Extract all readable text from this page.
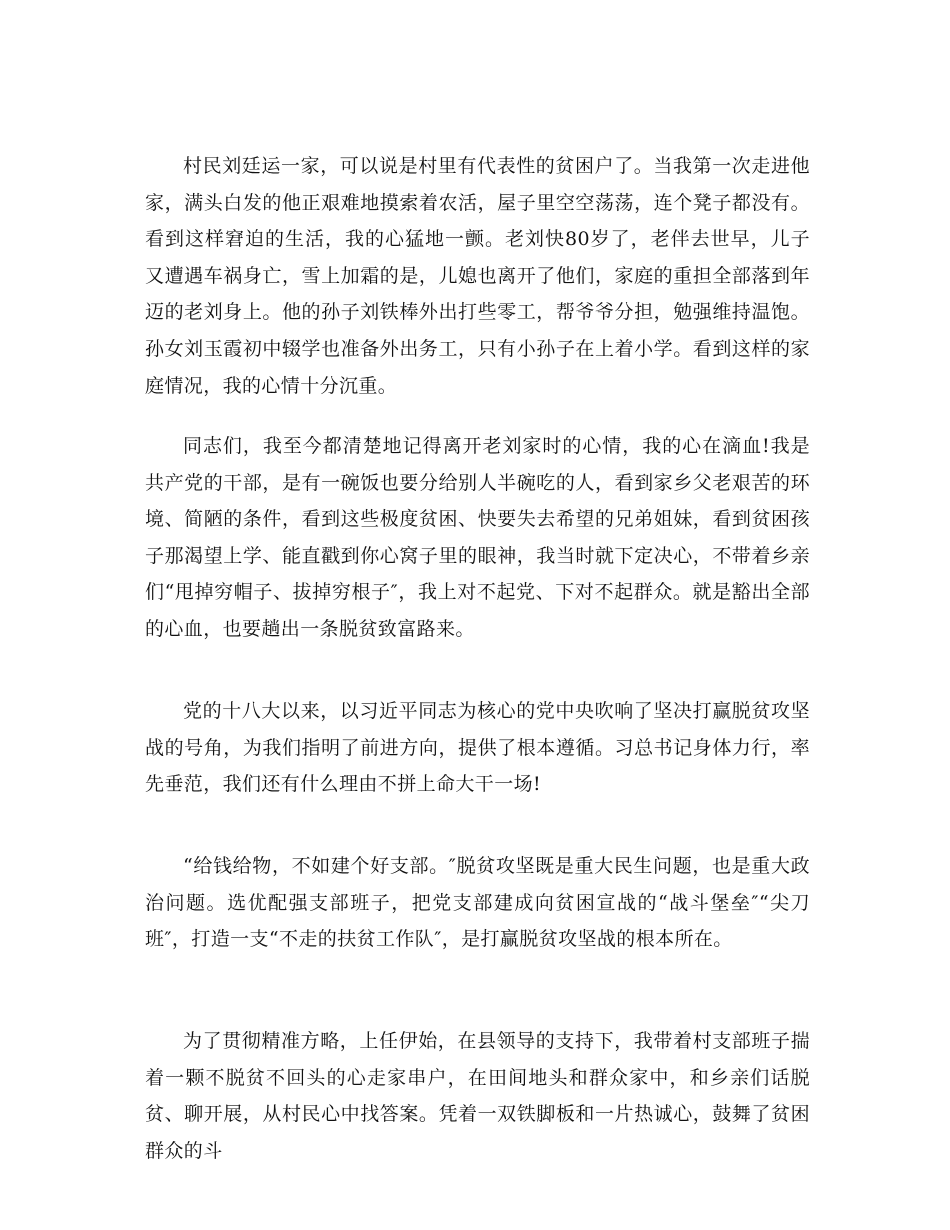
村民刘廷运一家，可以说是村里有代表性的贫困户了。当我第一次走进他家，满头白发的他正艰难地摸索着农活，屋子里空空荡荡，连个凳子都没有。看到这样窘迫的生活，我的心猛地一颤。老刘快80岁了，老伴去世早，儿子又遭遇车祸身亡，雪上加霜的是，儿媳也离开了他们，家庭的重担全部落到年迈的老刘身上。他的孙子刘铁棒外出打些零工，帮爷爷分担，勉强维持温饱。孙女刘玉霞初中辍学也准备外出务工，只有小孙子在上着小学。看到这样的家庭情况，我的心情十分沉重。

同志们，我至今都清楚地记得离开老刘家时的心情，我的心在滴血!我是共产党的干部，是有一碗饭也要分给别人半碗吃的人，看到家乡父老艰苦的环境、简陋的条件，看到这些极度贫困、快要失去希望的兄弟姐妹，看到贫困孩子那渴望上学、能直戳到你心窝子里的眼神，我当时就下定决心，不带着乡亲们“甩掉穷帽子、拔掉穷根子″，我上对不起党、下对不起群众。就是豁出全部的心血，也要趟出一条脱贫致富路来。

党的十八大以来，以习近平同志为核心的党中央吹响了坚决打赢脱贫攻坚战的号角，为我们指明了前进方向，提供了根本遵循。习总书记身体力行，率先垂范，我们还有什么理由不拼上命大干一场!

“给钱给物，不如建个好支部。″脱贫攻坚既是重大民生问题，也是重大政治问题。选优配强支部班子，把党支部建成向贫困宣战的“战斗堡垒″“尖刀班″，打造一支“不走的扶贫工作队″，是打赢脱贫攻坚战的根本所在。

为了贯彻精准方略，上任伊始，在县领导的支持下，我带着村支部班子揣着一颗不脱贫不回头的心走家串户，在田间地头和群众家中，和乡亲们话脱贫、聊开展，从村民心中找答案。凭着一双铁脚板和一片热诚心，鼓舞了贫困群众的斗
